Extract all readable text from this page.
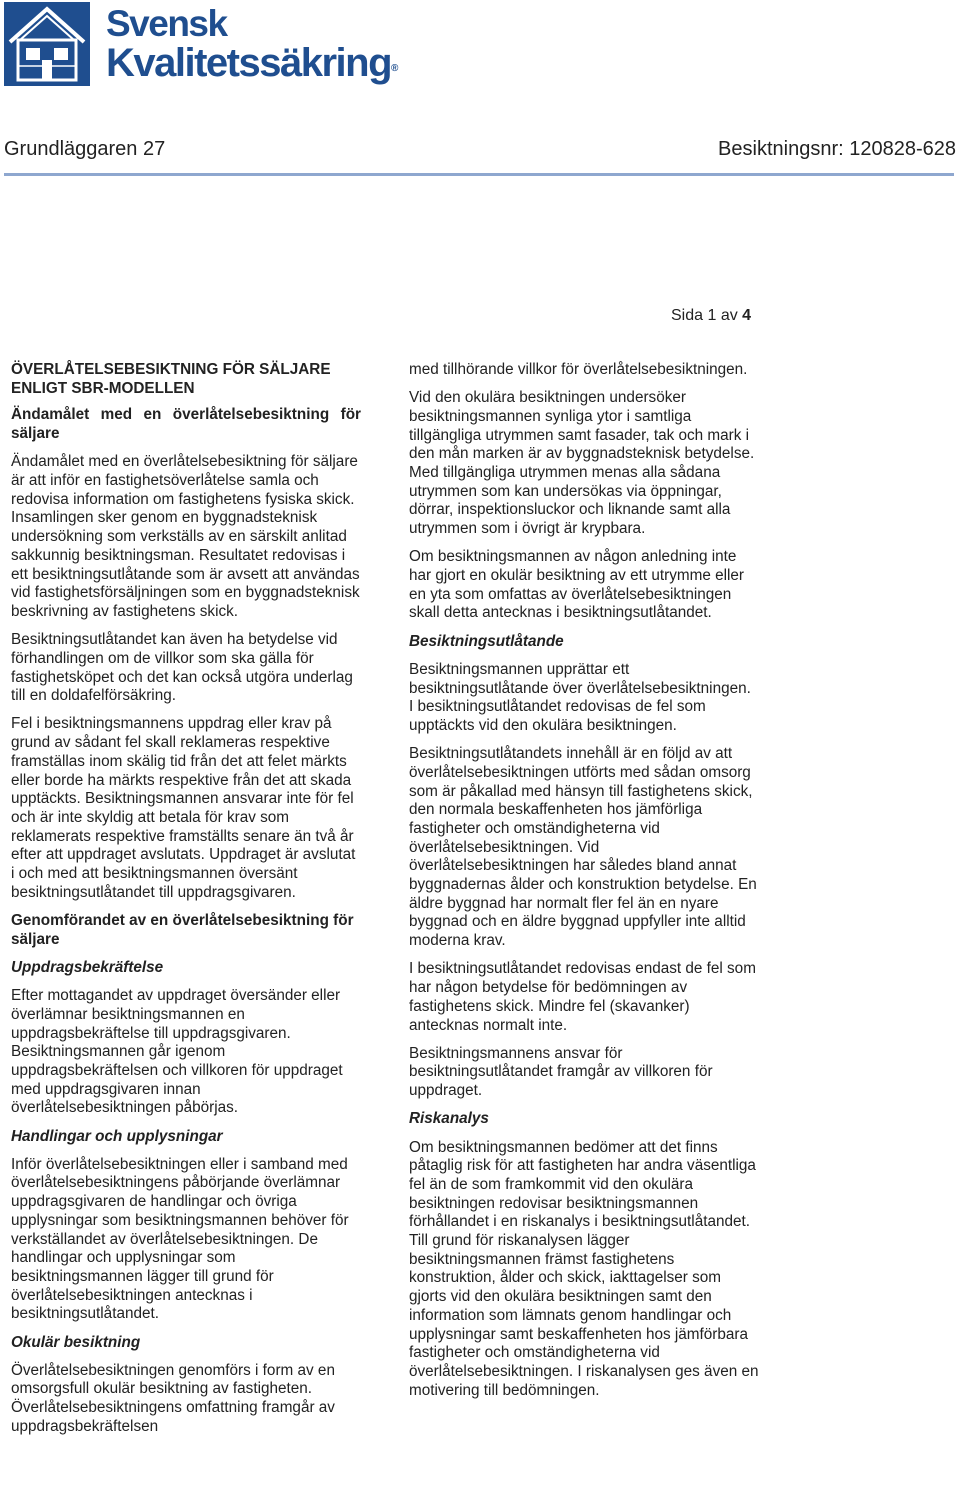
Svensk
Kvalitetssäkring®
Grundläggaren 27	Besiktningsnr: 120828-628
Sida 1 av 4
ÖVERLÅTELSEBESIKTNING FÖR SÄLJARE ENLIGT SBR-MODELLEN
Ändamålet med en överlåtelsebesiktning för säljare

Ändamålet med en överlåtelsebesiktning för säljare är att inför en fastighetsöverlåtelse samla och redovisa information om fastighetens fysiska skick. Insamlingen sker genom en byggnadsteknisk undersökning som verkställs av en särskilt anlitad sakkunnig besiktningsman. Resultatet redovisas i ett besiktningsutlåtande som är avsett att användas vid fastighetsförsäljningen som en byggnadsteknisk beskrivning av fastighetens skick.

Besiktningsutlåtandet kan även ha betydelse vid förhandlingen om de villkor som ska gälla för fastighetsköpet och det kan också utgöra underlag till en doldafelförsäkring.

Fel i besiktningsmannens uppdrag eller krav på grund av sådant fel skall reklameras respektive framställas inom skälig tid från det att felet märkts eller borde ha märkts respektive från det att skada upptäckts. Besiktningsmannen ansvarar inte för fel och är inte skyldig att betala för krav som reklamerats respektive framställts senare än två år efter att uppdraget avslutats. Uppdraget är avslutat i och med att besiktningsmannen översänt besiktningsutlåtandet till uppdragsgivaren.

Genomförandet av en överlåtelsebesiktning för säljare
Uppdragsbekräftelse

Efter mottagandet av uppdraget översänder eller överlämnar besiktningsmannen en uppdragsbekräftelse till uppdragsgivaren. Besiktningsmannen går igenom uppdragsbekräftelsen och villkoren för uppdraget med uppdragsgivaren innan överlåtelsebesiktningen påbörjas.

Handlingar och upplysningar

Inför överlåtelsebesiktningen eller i samband med överlåtelsebesiktningens påbörjande överlämnar uppdragsgivaren de handlingar och övriga upplysningar som besiktningsmannen behöver för verkställandet av överlåtelsebesiktningen. De handlingar och upplysningar som besiktningsmannen lägger till grund för överlåtelsebesiktningen antecknas i besiktningsutlåtandet.

Okulär besiktning

Överlåtelsebesiktningen genomförs i form av en omsorgsfull okulär besiktning av fastigheten. Överlåtelsebesiktningens omfattning framgår av uppdragsbekräftelsen

med tillhörande villkor för överlåtelsebesiktningen.

Vid den okulära besiktningen undersöker besiktningsmannen synliga ytor i samtliga tillgängliga utrymmen samt fasader, tak och mark i den mån marken är av byggnadsteknisk betydelse. Med tillgängliga utrymmen menas alla sådana utrymmen som kan undersökas via öppningar, dörrar, inspektionsluckor och liknande samt alla utrymmen som i övrigt är krypbara.

Om besiktningsmannen av någon anledning inte har gjort en okulär besiktning av ett utrymme eller en yta som omfattas av överlåtelsebesiktningen skall detta antecknas i besiktningsutlåtandet.

Besiktningsutlåtande

Besiktningsmannen upprättar ett besiktningsutlåtande över överlåtelsebesiktningen. I besiktningsutlåtandet redovisas de fel som upptäckts vid den okulära besiktningen.

Besiktningsutlåtandets innehåll är en följd av att överlåtelsebesiktningen utförts med sådan omsorg som är påkallad med hänsyn till fastighetens skick, den normala beskaffenheten hos jämförliga fastigheter och omständigheterna vid överlåtelsebesiktningen. Vid överlåtelsebesiktningen har således bland annat byggnadernas ålder och konstruktion betydelse. En äldre byggnad har normalt fler fel än en nyare byggnad och en äldre byggnad uppfyller inte alltid moderna krav.

I besiktningsutlåtandet redovisas endast de fel som har någon betydelse för bedömningen av fastighetens skick. Mindre fel (skavanker) antecknas normalt inte.

Besiktningsmannens ansvar för besiktningsutlåtandet framgår av villkoren för uppdraget.

Riskanalys

Om besiktningsmannen bedömer att det finns påtaglig risk för att fastigheten har andra väsentliga fel än de som framkommit vid den okulära besiktningen redovisar besiktningsmannen förhållandet i en riskanalys i besiktningsutlåtandet. Till grund för riskanalysen lägger besiktningsmannen främst fastighetens konstruktion, ålder och skick, iakttagelser som gjorts vid den okulära besiktningen samt den information som lämnats genom handlingar och upplysningar samt beskaffenheten hos jämförbara fastigheter och omständigheterna vid överlåtelsebesiktningen. I riskanalysen ges även en motivering till bedömningen.
